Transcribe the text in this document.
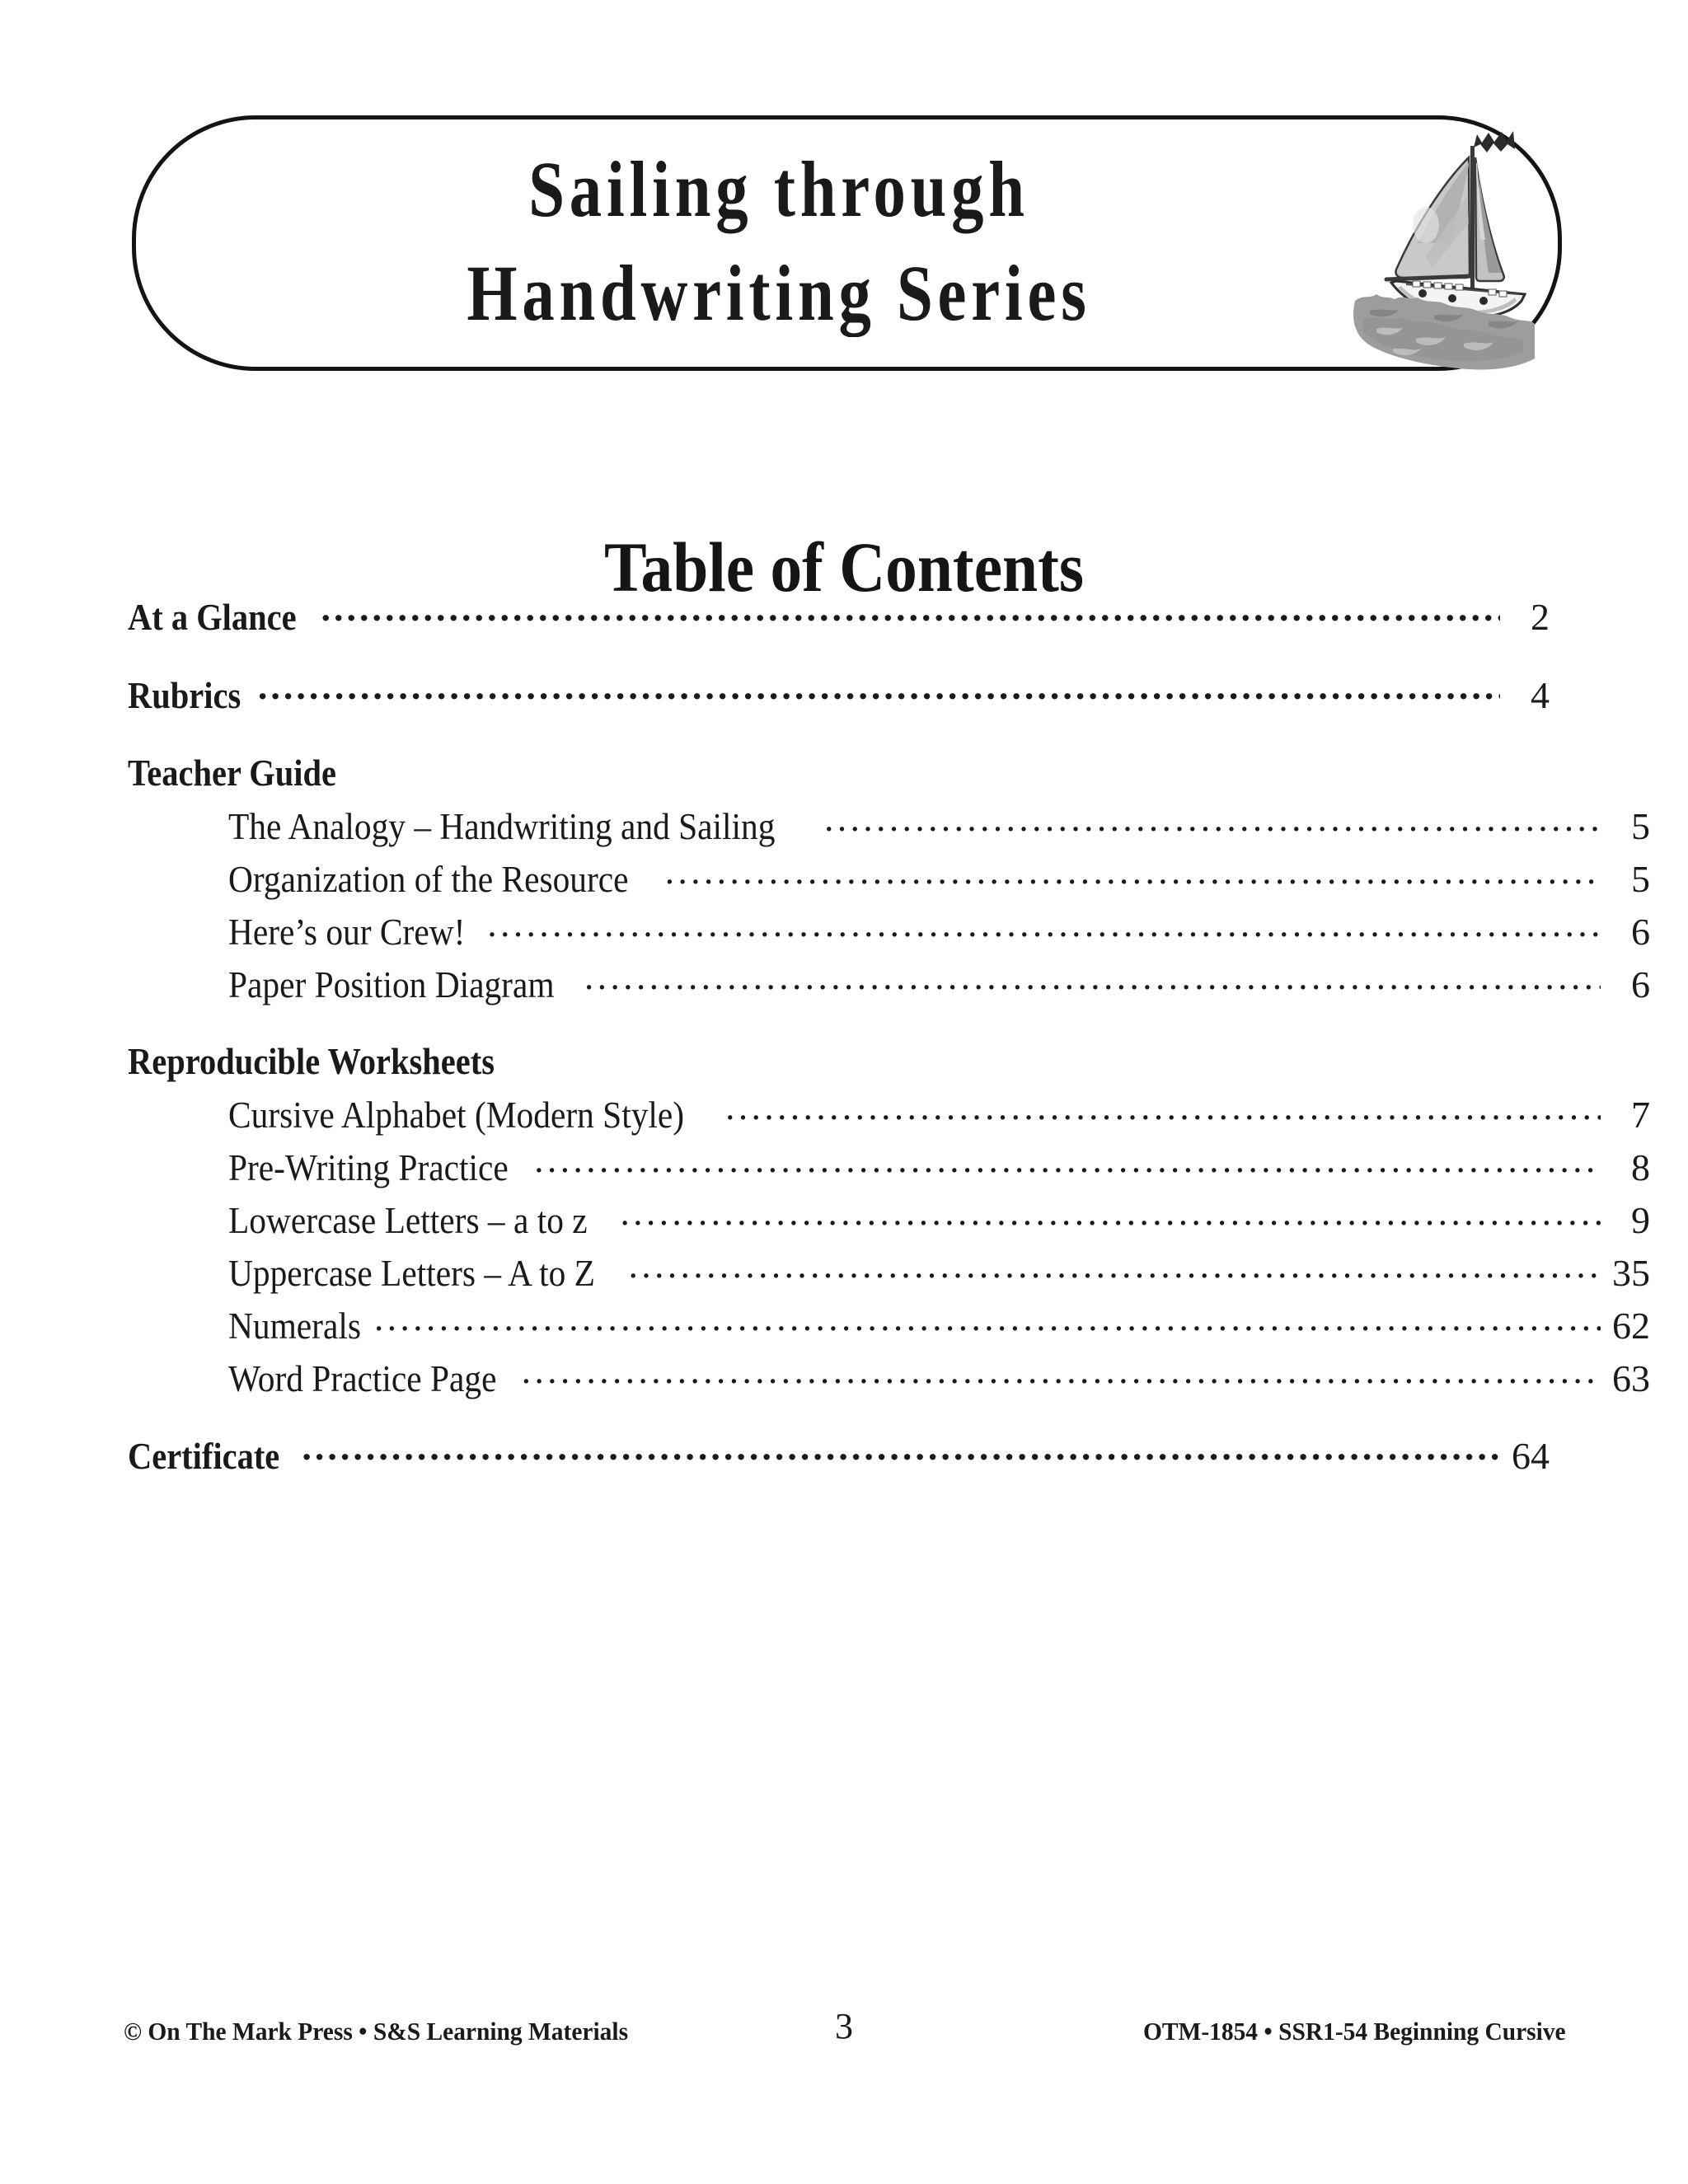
Sailing through
Handwriting Series
Table of Contents
At a Glance .....	2
Rubrics .....	4
Teacher Guide
The Analogy – Handwriting and Sailing .....	5
Organization of the Resource .....	5
Here’s our Crew! .....	6
Paper Position Diagram .....	6
Reproducible Worksheets
Cursive Alphabet (Modern Style) .....	7
Pre-Writing Practice .....	8
Lowercase Letters – a to z .....	9
Uppercase Letters – A to Z .....	35
Numerals .....	62
Word Practice Page .....	63
Certificate .....	64
© On The Mark Press • S&S Learning Materials	3	OTM-1854 • SSR1-54 Beginning Cursive
